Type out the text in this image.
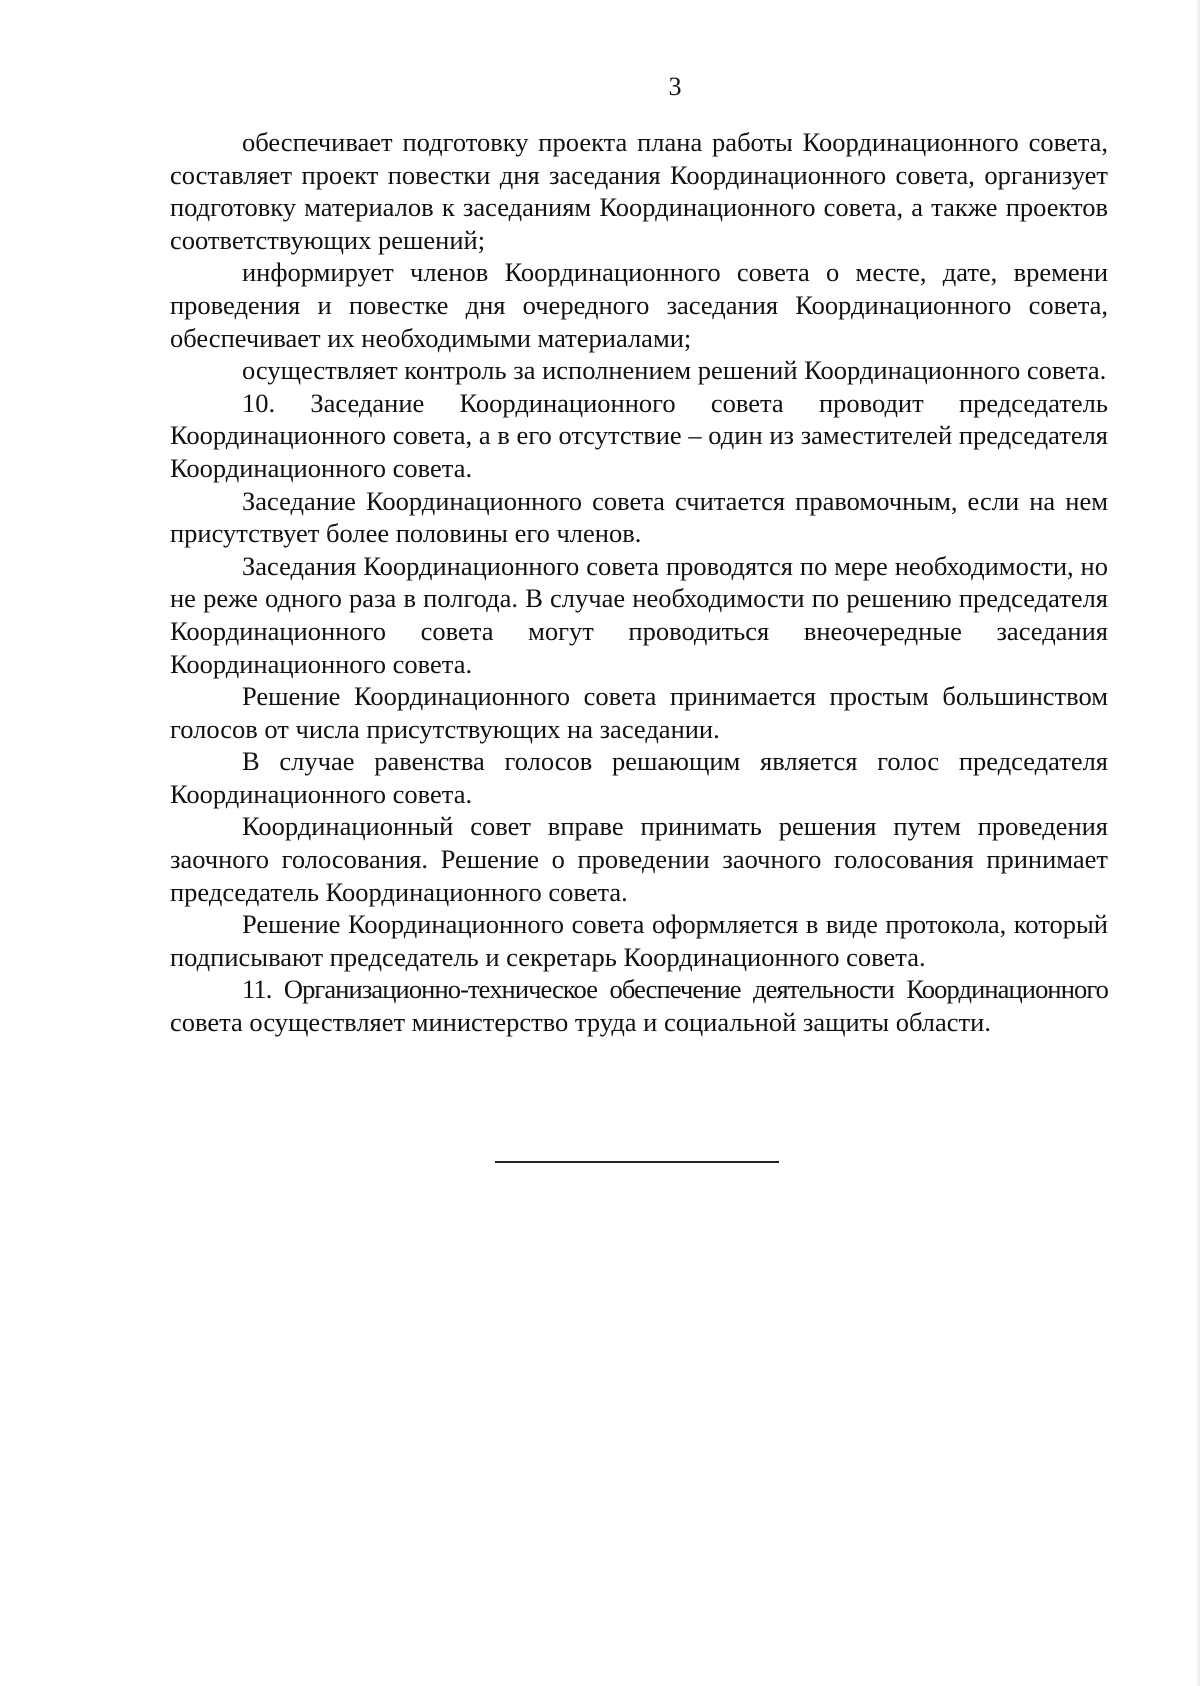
3

обеспечивает подготовку проекта плана работы Координационного совета, составляет проект повестки дня заседания Координационного совета, организует подготовку материалов к заседаниям Координационного совета, а также проектов соответствующих решений;

информирует членов Координационного совета о месте, дате, времени проведения и повестке дня очередного заседания Координационного совета, обеспечивает их необходимыми материалами;

осуществляет контроль за исполнением решений Координационного совета.

10. Заседание Координационного совета проводит председатель Координационного совета, а в его отсутствие – один из заместителей председателя Координационного совета.

Заседание Координационного совета считается правомочным, если на нем присутствует более половины его членов.

Заседания Координационного совета проводятся по мере необходимости, но не реже одного раза в полгода. В случае необходимости по решению председателя Координационного совета могут проводиться внеочередные заседания Координационного совета.

Решение Координационного совета принимается простым большинством голосов от числа присутствующих на заседании.

В случае равенства голосов решающим является голос председателя Координационного совета.

Координационный совет вправе принимать решения путем проведения заочного голосования. Решение о проведении заочного голосования принимает председатель Координационного совета.

Решение Координационного совета оформляется в виде протокола, который подписывают председатель и секретарь Координационного совета.

11. Организационно-техническое обеспечение деятельности Координационного совета осуществляет министерство труда и социальной защиты области.
